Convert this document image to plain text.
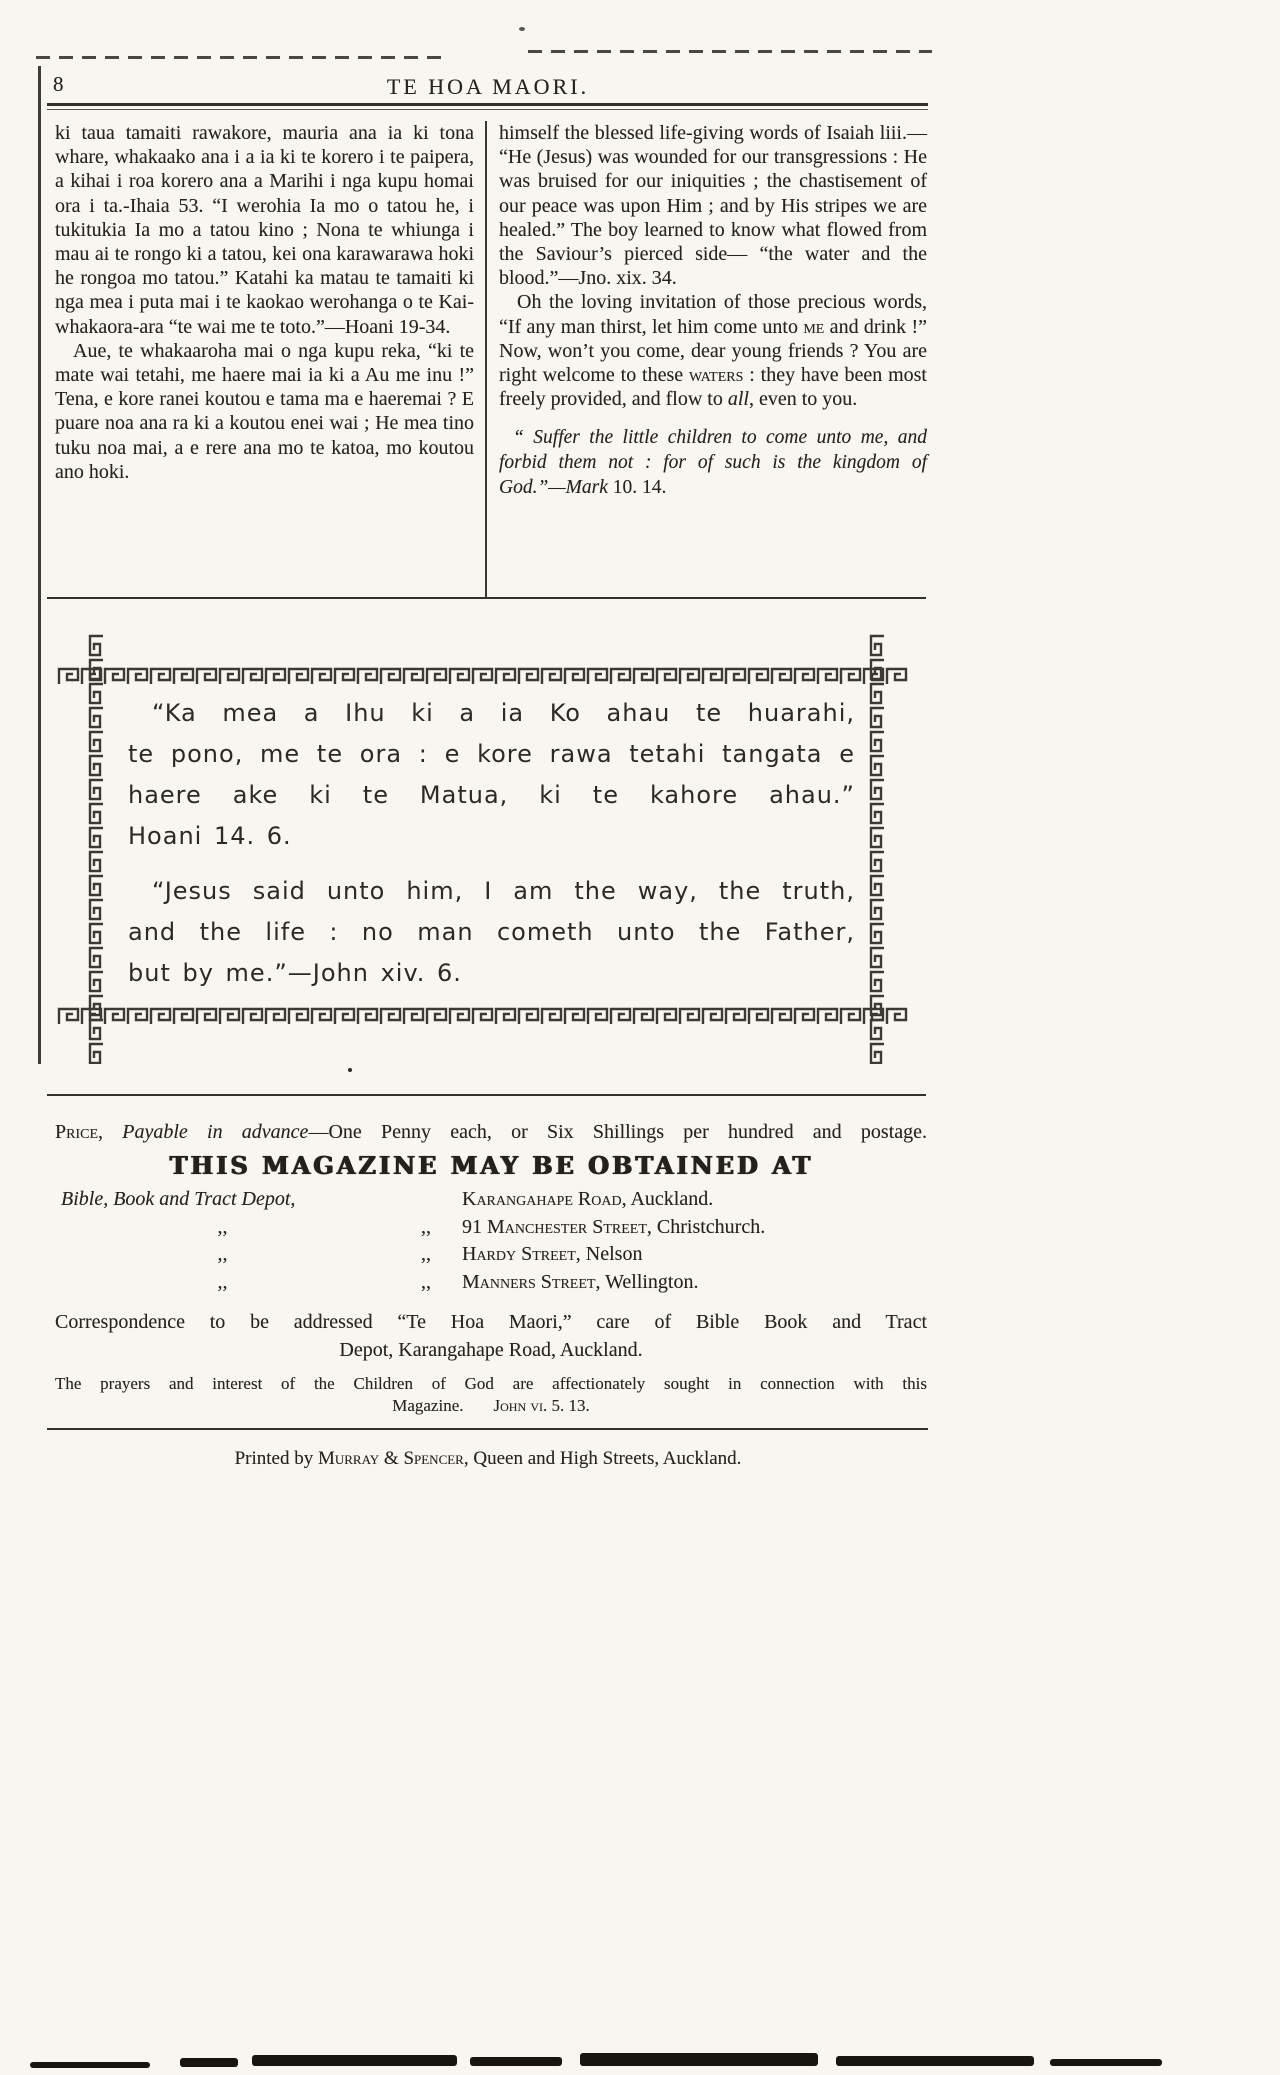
8	TE HOA MAORI.

ki taua tamaiti rawakore, mauria ana ia ki tona whare, whakaako ana i a ia ki te korero i te paipera, a kihai i roa korero ana a Marihi i nga kupu homai ora i ta.-Ihaia 53. “I werohia Ia mo o tatou he, i tukitukia Ia mo a tatou kino ; Nona te whiunga i mau ai te rongo ki a tatou, kei ona karawarawa hoki he rongoa mo tatou.” Katahi ka matau te tamaiti ki nga mea i puta mai i te kaokao werohanga o te Kai-whakaora-ara “te wai me te toto.”—Hoani 19-34.

Aue, te whakaaroha mai o nga kupu reka, “ki te mate wai tetahi, me haere mai ia ki a Au me inu !” Tena, e kore ranei koutou e tama ma e haeremai ? E puare noa ana ra ki a koutou enei wai ; He mea tino tuku noa mai, a e rere ana mo te katoa, mo koutou ano hoki.

himself the blessed life-giving words of Isaiah liii.— “He (Jesus) was wounded for our transgressions : He was bruised for our iniquities ; the chastisement of our peace was upon Him ; and by His stripes we are healed.” The boy learned to know what flowed from the Saviour’s pierced side— “the water and the blood.”—Jno. xix. 34.

Oh the loving invitation of those precious words, “If any man thirst, let him come unto me and drink !” Now, won’t you come, dear young friends ? You are right welcome to these waters : they have been most freely provided, and flow to all, even to you.

“ Suffer the little children to come unto me, and forbid them not : for of such is the kingdom of God.”—Mark 10. 14.

“Ka mea a Ihu ki a ia Ko ahau te huarahi,
te pono, me te ora : e kore rawa tetahi tangata e
haere ake ki te Matua, ki te kahore ahau.”
Hoani 14. 6.
“Jesus said unto him, I am the way, the truth,
and the life : no man cometh unto the Father,
but by me.”—John xiv. 6.
Price, Payable in advance—One Penny each, or Six Shillings per hundred and postage.
THIS MAGAZINE MAY BE OBTAINED AT
Bible, Book and Tract Depot,	Karangahape Road, Auckland.
,,	,, 91 Manchester Street, Christchurch.
,,	,, Hardy Street, Nelson
,,	,, Manners Street, Wellington.
Correspondence to be addressed “Te Hoa Maori,” care of Bible Book and Tract
Depot, Karangahape Road, Auckland.
The prayers and interest of the Children of God are affectionately sought in connection with this
Magazine. John vi. 5. 13.
Printed by Murray & Spencer, Queen and High Streets, Auckland.
